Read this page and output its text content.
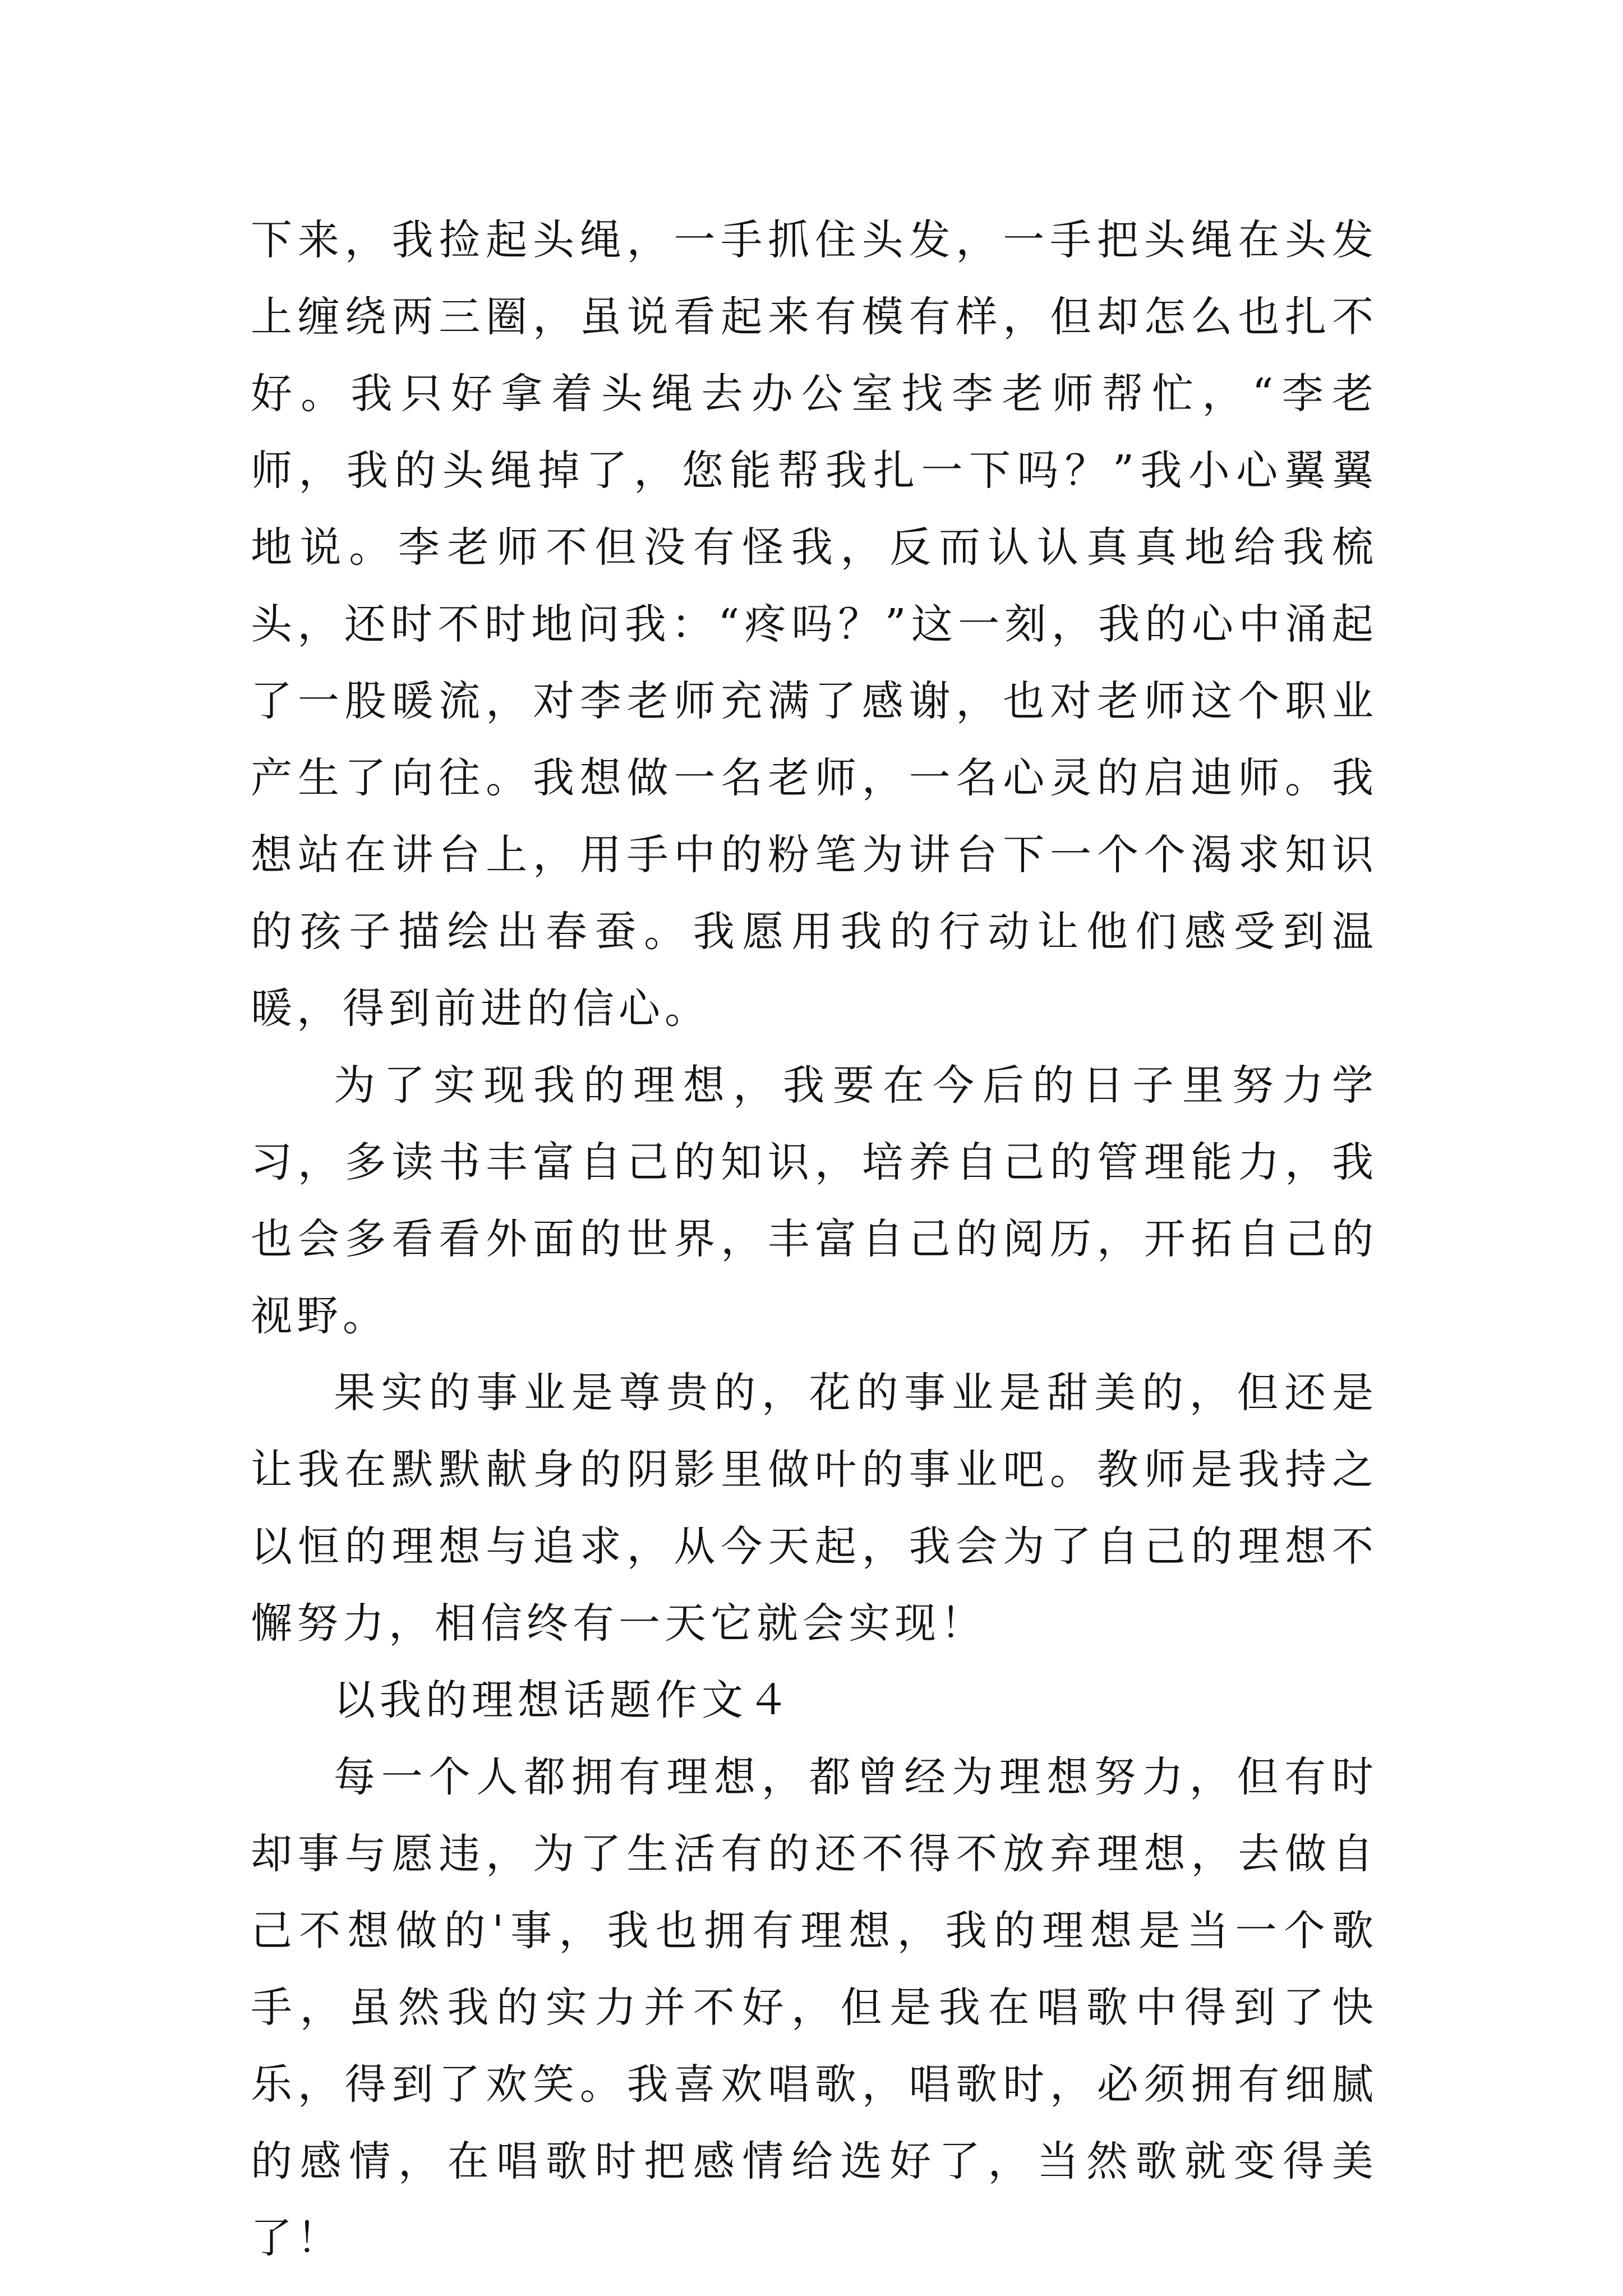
下来，我捡起头绳，一手抓住头发，一手把头绳在头发上缠绕两三圈，虽说看起来有模有样，但却怎么也扎不好。我只好拿着头绳去办公室找李老师帮忙，“李老师，我的头绳掉了，您能帮我扎一下吗？”我小心翼翼地说。李老师不但没有怪我，反而认认真真地给我梳头，还时不时地问我：“疼吗？”这一刻，我的心中涌起了一股暖流，对李老师充满了感谢，也对老师这个职业产生了向往。我想做一名老师，一名心灵的启迪师。我想站在讲台上，用手中的粉笔为讲台下一个个渴求知识的孩子描绘出春蚕。我愿用我的行动让他们感受到温暖，得到前进的信心。

为了实现我的理想，我要在今后的日子里努力学习，多读书丰富自己的知识，培养自己的管理能力，我也会多看看外面的世界，丰富自己的阅历，开拓自己的视野。

果实的事业是尊贵的，花的事业是甜美的，但还是让我在默默献身的阴影里做叶的事业吧。教师是我持之以恒的理想与追求，从今天起，我会为了自己的理想不懈努力，相信终有一天它就会实现！

以我的理想话题作文４

每一个人都拥有理想，都曾经为理想努力，但有时却事与愿违，为了生活有的还不得不放弃理想，去做自己不想做的'事，我也拥有理想，我的理想是当一个歌手，虽然我的实力并不好，但是我在唱歌中得到了快乐，得到了欢笑。我喜欢唱歌，唱歌时，必须拥有细腻的感情，在唱歌时把感情给选好了，当然歌就变得美了！
